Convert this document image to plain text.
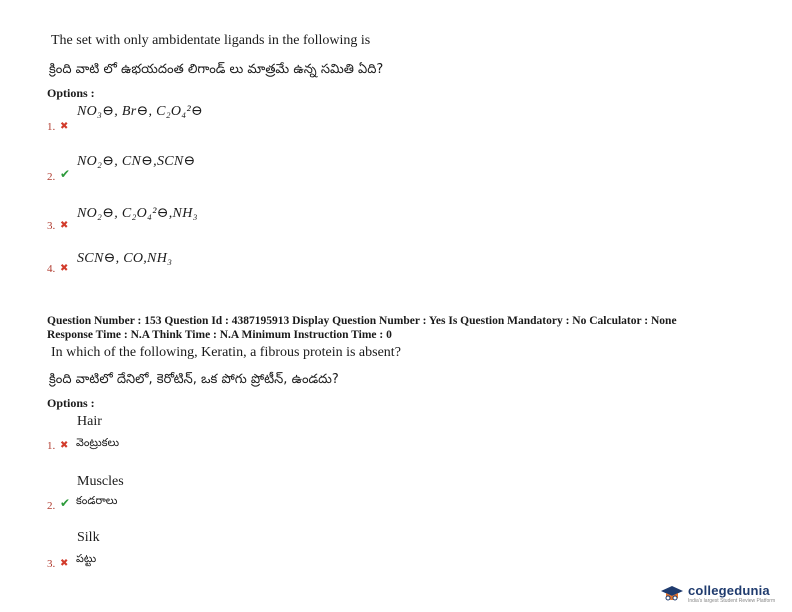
The set with only ambidentate ligands in the following is
క్రింది వాటి లో ఉభయదంత లిగాండ్ లు మాత్రమే ఉన్న సమితి ఏది?
Options :
NO₃⊖, Br⊖, C₂O₄²⊖
1. ✖
NO₂⊖, CN⊖,SCN⊖
2. ✔
NO₂⊖, C₂O₄²⊖,NH₃
3. ✖
SCN⊖, CO,NH₃
4. ✖
Question Number : 153 Question Id : 4387195913 Display Question Number : Yes Is Question Mandatory : No Calculator : None
Response Time : N.A Think Time : N.A Minimum Instruction Time : 0
In which of the following, Keratin, a fibrous protein is absent?
క్రింది వాటిలో దేనిలో, కెరోటిన్, ఒక పోగు ప్రోటీన్, ఉండదు?
Options :
Hair
1. ✖ వెంట్రుకలు
Muscles
2. ✔ కండరాలు
Silk
3. ✖ పట్టు
collegedunia
India's largest Student Review Platform
